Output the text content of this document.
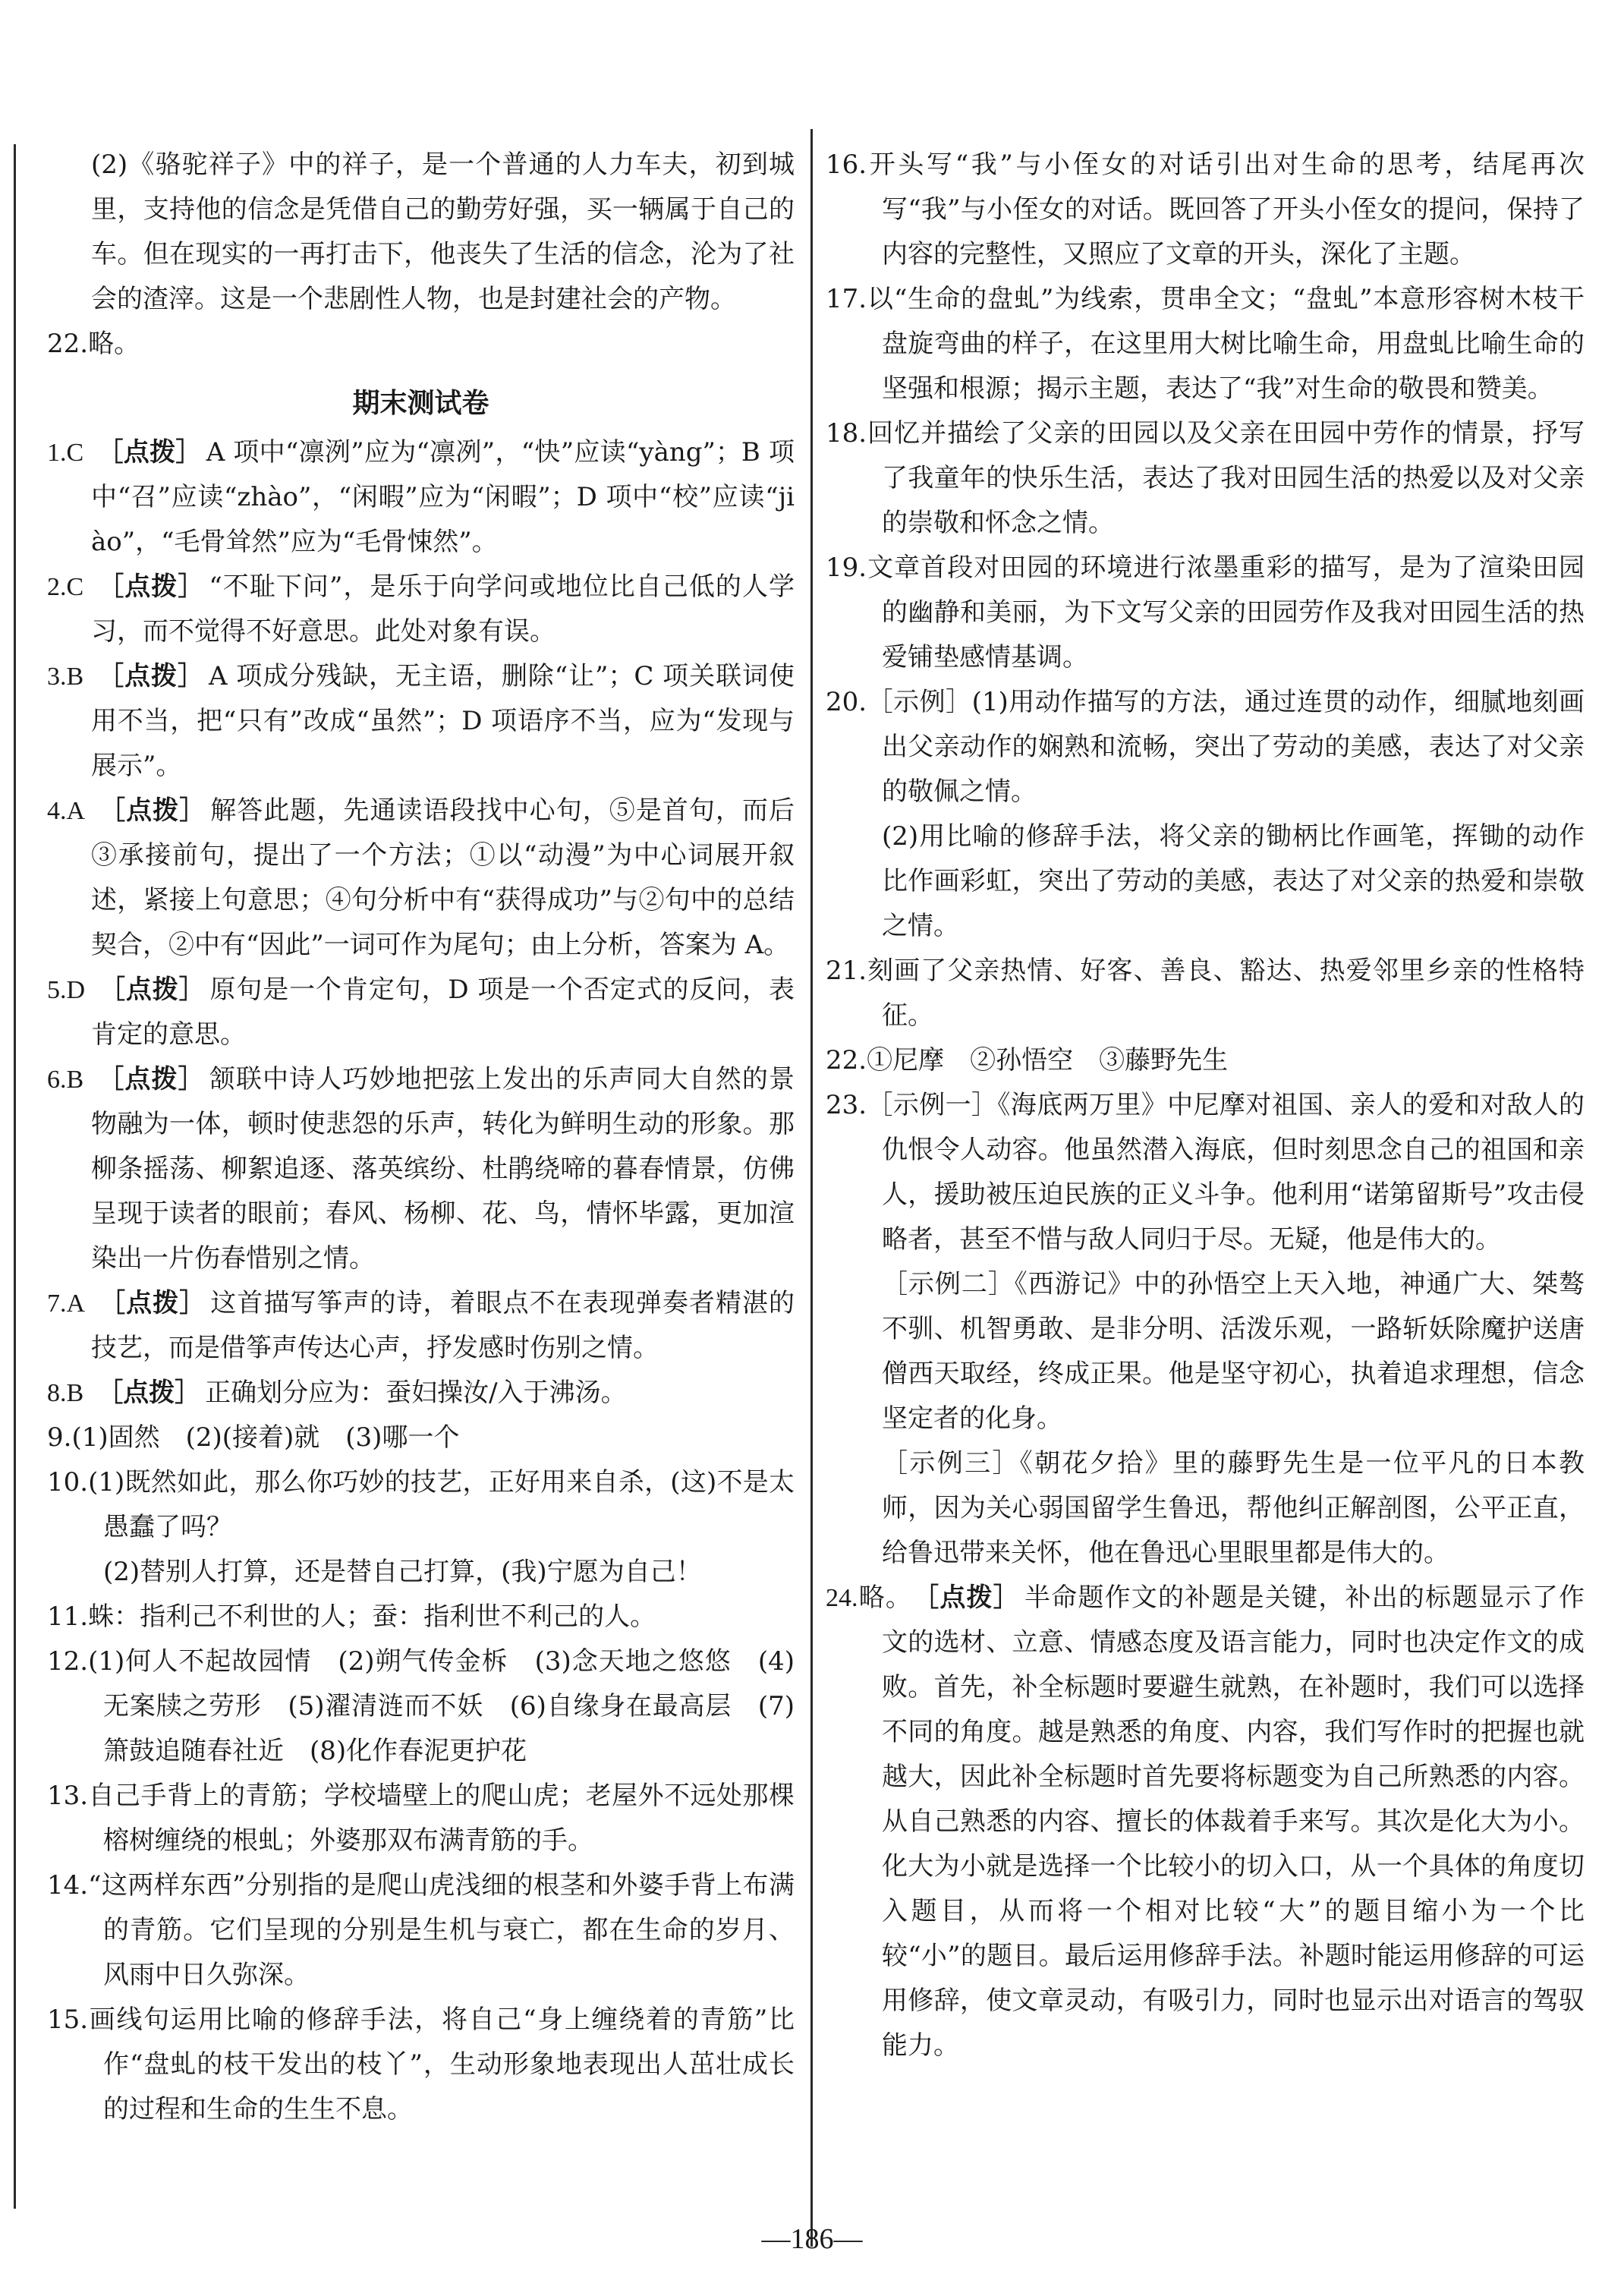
(2)《骆驼祥子》中的祥子，是一个普通的人力车夫，初到城里，支持他的信念是凭借自己的勤劳好强，买一辆属于自己的车。但在现实的一再打击下，他丧失了生活的信念，沦为了社会的渣滓。这是一个悲剧性人物，也是封建社会的产物。

22.略。

期末测试卷

1.C ［点拨］ A 项中“凛洌”应为“凛冽”，“快”应读“yàng”；B 项中“召”应读“zhào”，“闲暇”应为“闲暇”；D 项中“校”应读“jiào”，“毛骨耸然”应为“毛骨悚然”。

2.C ［点拨］ “不耻下问”，是乐于向学问或地位比自己低的人学习，而不觉得不好意思。此处对象有误。

3.B ［点拨］ A 项成分残缺，无主语，删除“让”；C 项关联词使用不当，把“只有”改成“虽然”；D 项语序不当，应为“发现与展示”。

4.A ［点拨］ 解答此题，先通读语段找中心句，⑤是首句，而后③承接前句，提出了一个方法；①以“动漫”为中心词展开叙述，紧接上句意思；④句分析中有“获得成功”与②句中的总结契合，②中有“因此”一词可作为尾句；由上分析，答案为 A。

5.D ［点拨］ 原句是一个肯定句，D 项是一个否定式的反问，表肯定的意思。

6.B ［点拨］ 颔联中诗人巧妙地把弦上发出的乐声同大自然的景物融为一体，顿时使悲怨的乐声，转化为鲜明生动的形象。那柳条摇荡、柳絮追逐、落英缤纷、杜鹃绕啼的暮春情景，仿佛呈现于读者的眼前；春风、杨柳、花、鸟，情怀毕露，更加渲染出一片伤春惜别之情。

7.A ［点拨］ 这首描写筝声的诗，着眼点不在表现弹奏者精湛的技艺，而是借筝声传达心声，抒发感时伤别之情。

8.B ［点拨］ 正确划分应为：蚕妇操汝/入于沸汤。

9.(1)固然　(2)(接着)就　(3)哪一个

10.(1)既然如此，那么你巧妙的技艺，正好用来自杀，(这)不是太愚蠢了吗？

(2)替别人打算，还是替自己打算，(我)宁愿为自己！

11.蛛：指利己不利世的人；蚕：指利世不利己的人。

12.(1)何人不起故园情　(2)朔气传金柝　(3)念天地之悠悠　(4)无案牍之劳形　(5)濯清涟而不妖　(6)自缘身在最高层　(7)箫鼓追随春社近　(8)化作春泥更护花

13.自己手背上的青筋；学校墙壁上的爬山虎；老屋外不远处那棵榕树缠绕的根虬；外婆那双布满青筋的手。

14.“这两样东西”分别指的是爬山虎浅细的根茎和外婆手背上布满的青筋。它们呈现的分别是生机与衰亡，都在生命的岁月、风雨中日久弥深。

15.画线句运用比喻的修辞手法，将自己“身上缠绕着的青筋”比作“盘虬的枝干发出的枝丫”，生动形象地表现出人茁壮成长的过程和生命的生生不息。

16.开头写“我”与小侄女的对话引出对生命的思考，结尾再次写“我”与小侄女的对话。既回答了开头小侄女的提问，保持了内容的完整性，又照应了文章的开头，深化了主题。

17.以“生命的盘虬”为线索，贯串全文；“盘虬”本意形容树木枝干盘旋弯曲的样子，在这里用大树比喻生命，用盘虬比喻生命的坚强和根源；揭示主题，表达了“我”对生命的敬畏和赞美。

18.回忆并描绘了父亲的田园以及父亲在田园中劳作的情景，抒写了我童年的快乐生活，表达了我对田园生活的热爱以及对父亲的崇敬和怀念之情。

19.文章首段对田园的环境进行浓墨重彩的描写，是为了渲染田园的幽静和美丽，为下文写父亲的田园劳作及我对田园生活的热爱铺垫感情基调。

20.［示例］(1)用动作描写的方法，通过连贯的动作，细腻地刻画出父亲动作的娴熟和流畅，突出了劳动的美感，表达了对父亲的敬佩之情。

(2)用比喻的修辞手法，将父亲的锄柄比作画笔，挥锄的动作比作画彩虹，突出了劳动的美感，表达了对父亲的热爱和崇敬之情。

21.刻画了父亲热情、好客、善良、豁达、热爱邻里乡亲的性格特征。

22.①尼摩　②孙悟空　③藤野先生

23.［示例一］《海底两万里》中尼摩对祖国、亲人的爱和对敌人的仇恨令人动容。他虽然潜入海底，但时刻思念自己的祖国和亲人，援助被压迫民族的正义斗争。他利用“诺第留斯号”攻击侵略者，甚至不惜与敌人同归于尽。无疑，他是伟大的。

［示例二］《西游记》中的孙悟空上天入地，神通广大、桀骜不驯、机智勇敢、是非分明、活泼乐观，一路斩妖除魔护送唐僧西天取经，终成正果。他是坚守初心，执着追求理想，信念坚定者的化身。

［示例三］《朝花夕拾》里的藤野先生是一位平凡的日本教师，因为关心弱国留学生鲁迅，帮他纠正解剖图，公平正直，给鲁迅带来关怀，他在鲁迅心里眼里都是伟大的。

24.略。 ［点拨］ 半命题作文的补题是关键，补出的标题显示了作文的选材、立意、情感态度及语言能力，同时也决定作文的成败。首先，补全标题时要避生就熟，在补题时，我们可以选择不同的角度。越是熟悉的角度、内容，我们写作时的把握也就越大，因此补全标题时首先要将标题变为自己所熟悉的内容。从自己熟悉的内容、擅长的体裁着手来写。其次是化大为小。化大为小就是选择一个比较小的切入口，从一个具体的角度切入题目，从而将一个相对比较“大”的题目缩小为一个比较“小”的题目。最后运用修辞手法。补题时能运用修辞的可运用修辞，使文章灵动，有吸引力，同时也显示出对语言的驾驭能力。

—186—
